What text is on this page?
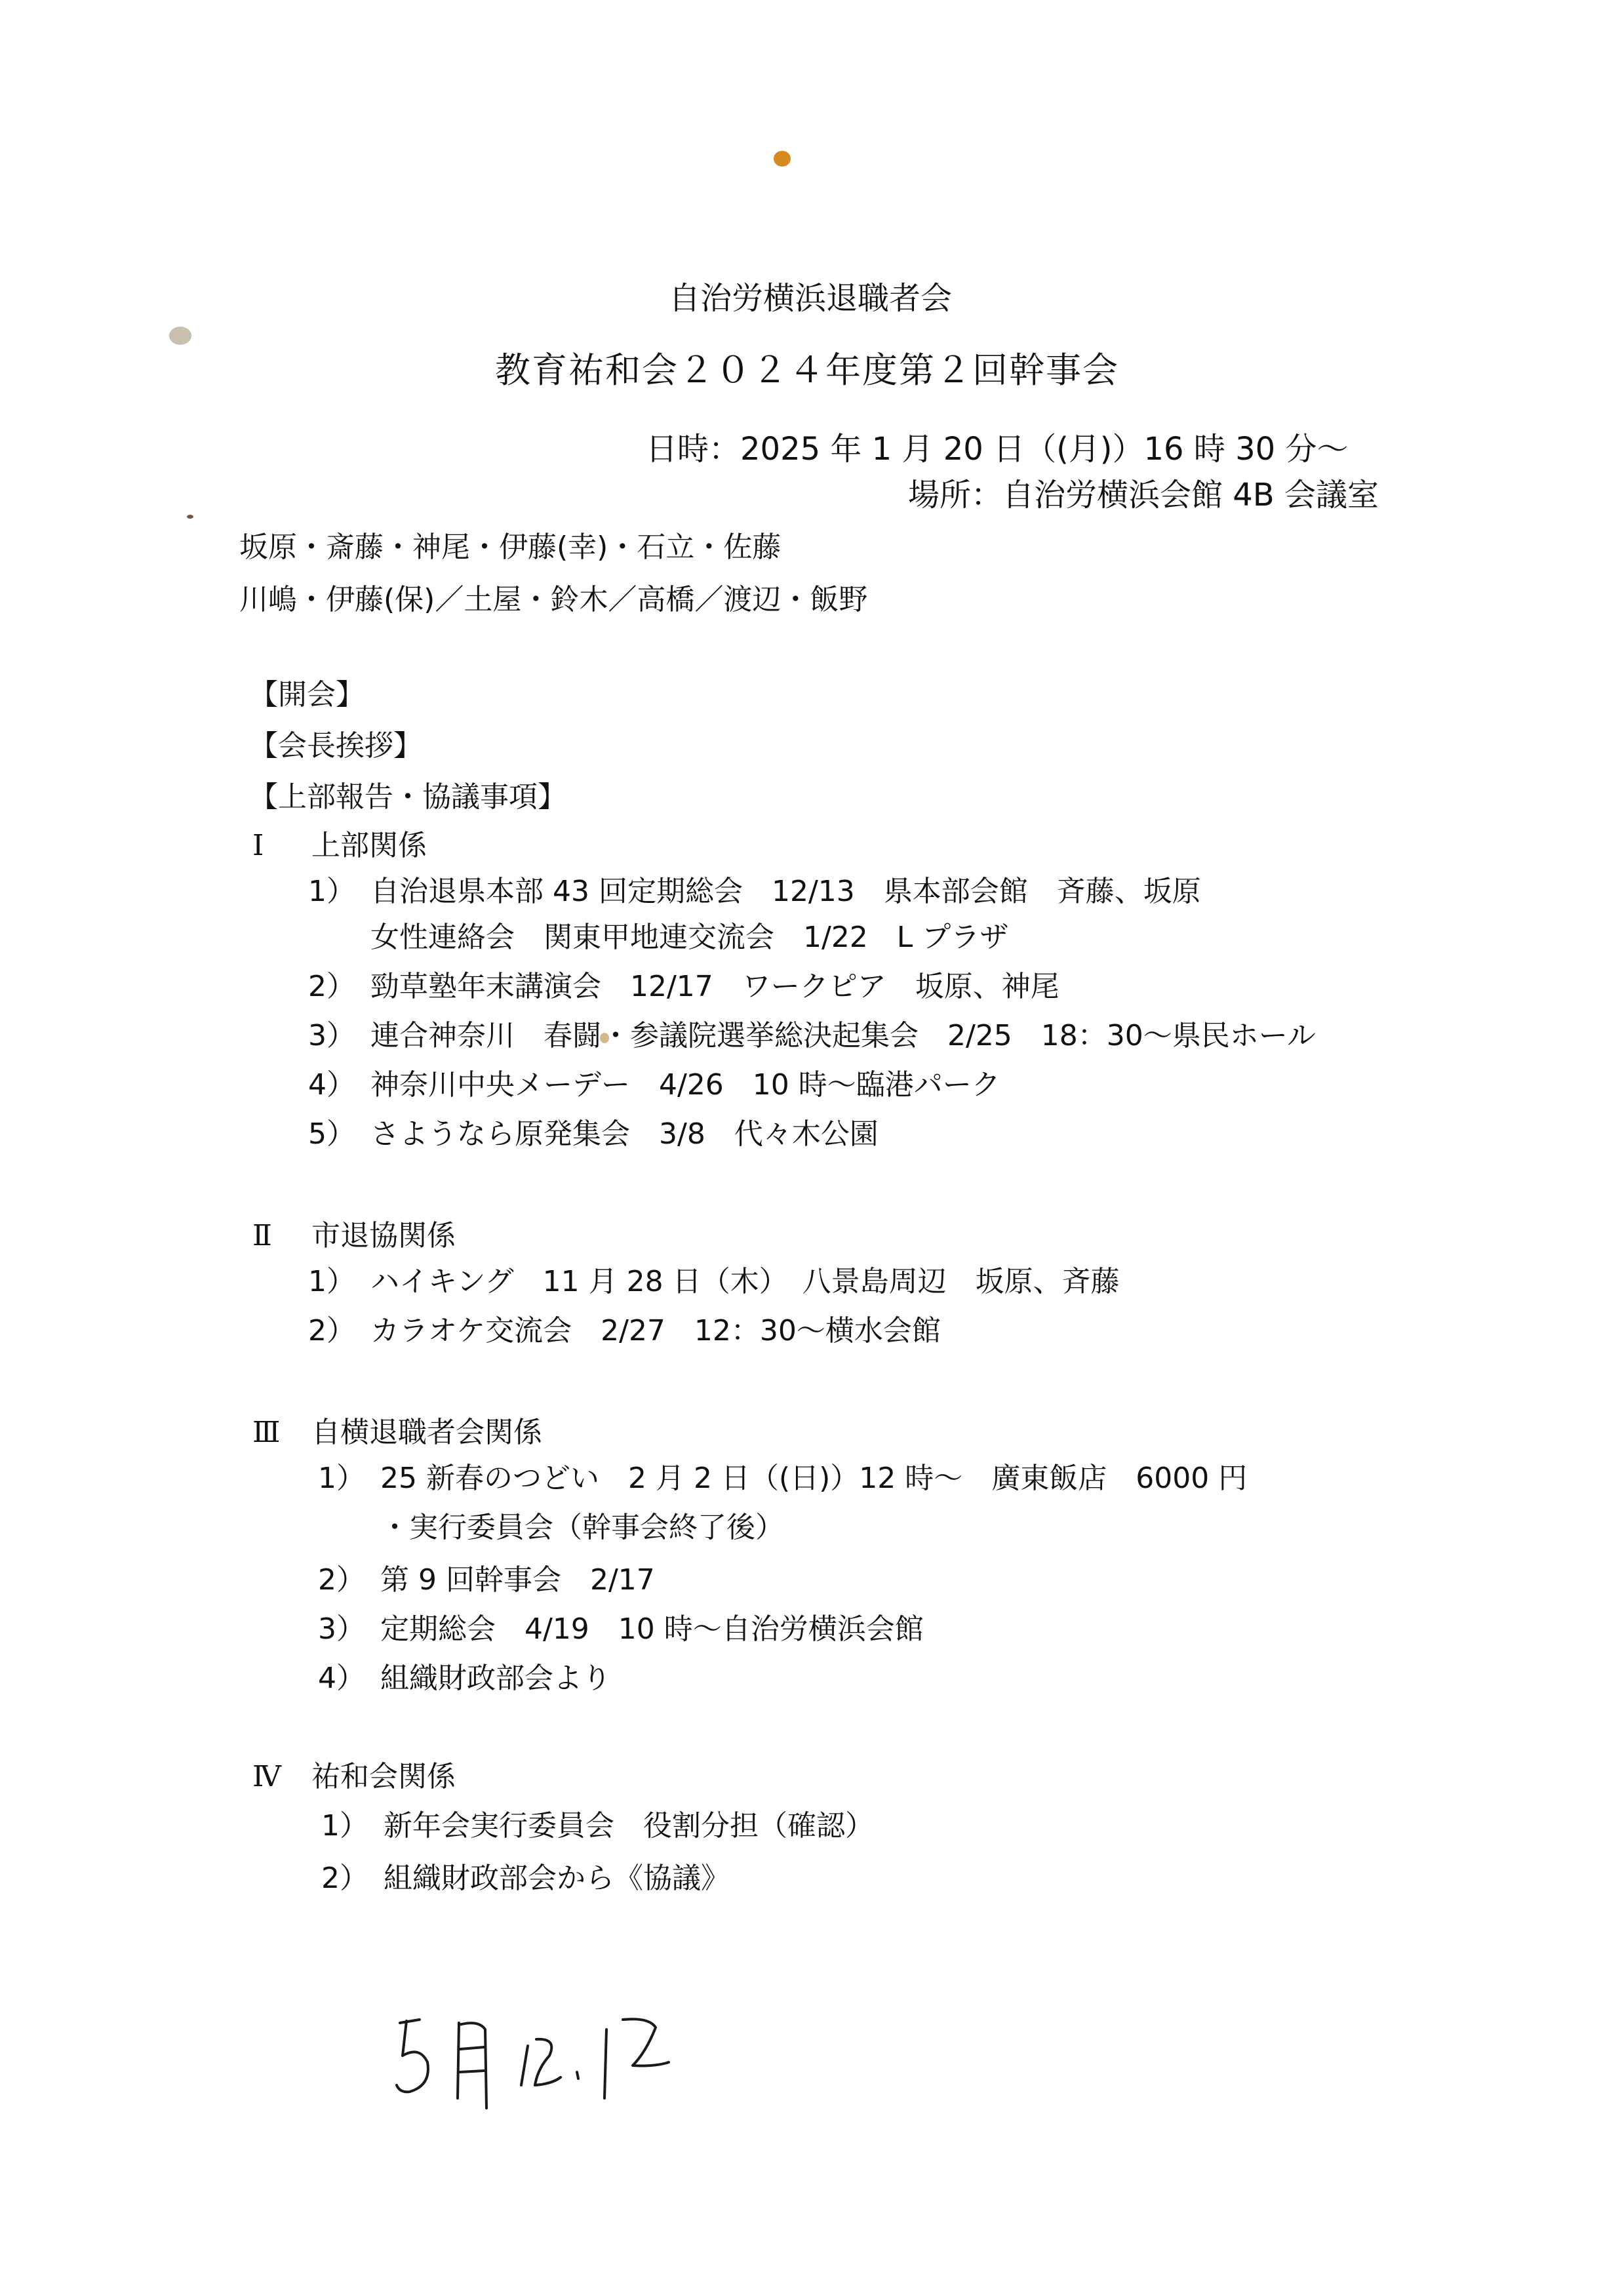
自治労横浜退職者会
教育祐和会２０２４年度第２回幹事会
日時：2025 年 1 月 20 日（(月)）16 時 30 分～
場所：自治労横浜会館 4B 会議室
坂原・斎藤・神尾・伊藤(幸)・石立・佐藤
川嶋・伊藤(保)／土屋・鈴木／高橋／渡辺・飯野
【開会】
【会長挨拶】
【上部報告・協議事項】
Ⅰ 上部関係
1） 自治退県本部 43 回定期総会　12/13　県本部会館　斉藤、坂原
女性連絡会　関東甲地連交流会　1/22　L プラザ
2） 勁草塾年末講演会　12/17　ワークピア　坂原、神尾
3） 連合神奈川　春闘・参議院選挙総決起集会　2/25　18：30～県民ホール
4） 神奈川中央メーデー　4/26　10 時～臨港パーク
5） さようなら原発集会　3/8　代々木公園
Ⅱ 市退協関係
1） ハイキング　11 月 28 日（木）　八景島周辺　坂原、斉藤
2） カラオケ交流会　2/27　12：30～横水会館
Ⅲ 自横退職者会関係
1） 25 新春のつどい　2 月 2 日（(日)）12 時～　廣東飯店　6000 円
・実行委員会（幹事会終了後）
2） 第 9 回幹事会　2/17
3） 定期総会　4/19　10 時～自治労横浜会館
4） 組織財政部会より
Ⅳ 祐和会関係
1） 新年会実行委員会　役割分担（確認）
2） 組織財政部会から《協議》
